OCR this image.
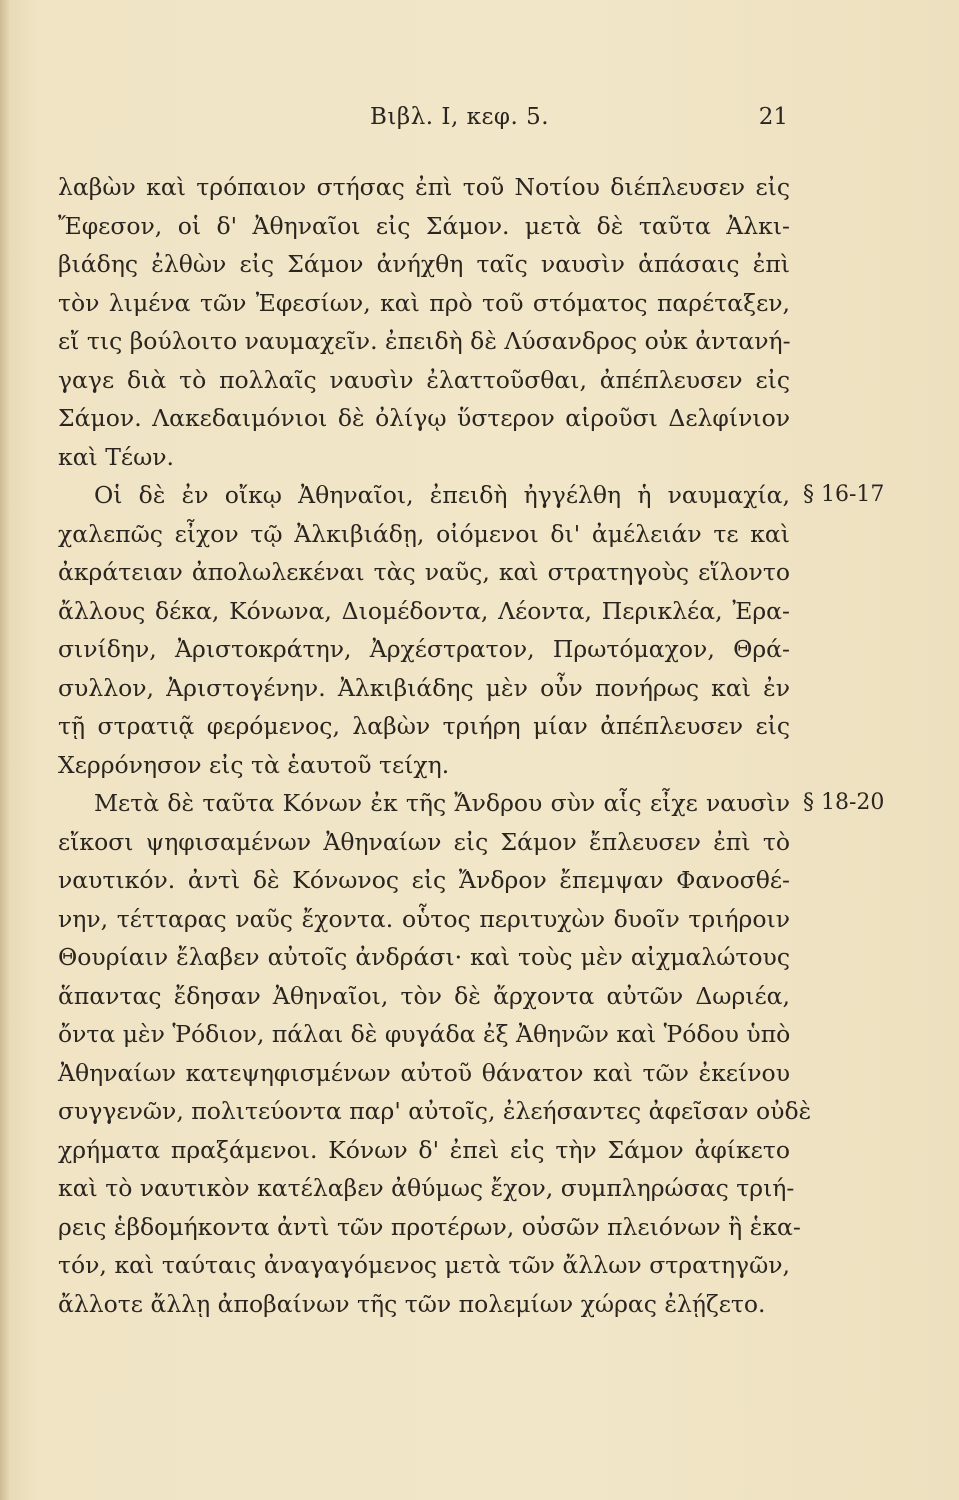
Βιβλ. Ι, κεφ. 5.	21
λαβὼν καὶ τρόπαιον στήσας ἐπὶ τοῦ Νοτίου διέπλευσεν εἰς
Ἔφεσον, οἱ δ' Ἀθηναῖοι εἰς Σάμον. μετὰ δὲ ταῦτα Ἀλκι-
βιάδης ἐλθὼν εἰς Σάμον ἀνήχθη ταῖς ναυσὶν ἁπάσαις ἐπὶ
τὸν λιμένα τῶν Ἐφεσίων, καὶ πρὸ τοῦ στόματος παρέταξεν,
εἴ τις βούλοιτο ναυμαχεῖν. ἐπειδὴ δὲ Λύσανδρος οὐκ ἀντανή-
γαγε διὰ τὸ πολλαῖς ναυσὶν ἐλαττοῦσθαι, ἀπέπλευσεν εἰς
Σάμον. Λακεδαιμόνιοι δὲ ὀλίγῳ ὕστερον αἱροῦσι Δελφίνιον
καὶ Τέων.
Οἱ δὲ ἐν οἴκῳ Ἀθηναῖοι, ἐπειδὴ ἠγγέλθη ἡ ναυμαχία,
χαλεπῶς εἶχον τῷ Ἀλκιβιάδῃ, οἰόμενοι δι' ἀμέλειάν τε καὶ
ἀκράτειαν ἀπολωλεκέναι τὰς ναῦς, καὶ στρατηγοὺς εἵλοντο
ἄλλους δέκα, Κόνωνα, Διομέδοντα, Λέοντα, Περικλέα, Ἐρα-
σινίδην, Ἀριστοκράτην, Ἀρχέστρατον, Πρωτόμαχον, Θρά-
συλλον, Ἀριστογένην. Ἀλκιβιάδης μὲν οὖν πονήρως καὶ ἐν
τῇ στρατιᾷ φερόμενος, λαβὼν τριήρη μίαν ἀπέπλευσεν εἰς
Χερρόνησον εἰς τὰ ἑαυτοῦ τείχη.
Μετὰ δὲ ταῦτα Κόνων ἐκ τῆς Ἄνδρου σὺν αἷς εἶχε ναυσὶν
εἴκοσι ψηφισαμένων Ἀθηναίων εἰς Σάμον ἔπλευσεν ἐπὶ τὸ
ναυτικόν. ἀντὶ δὲ Κόνωνος εἰς Ἄνδρον ἔπεμψαν Φανοσθέ-
νην, τέτταρας ναῦς ἔχοντα. οὗτος περιτυχὼν δυοῖν τριήροιν
Θουρίαιν ἔλαβεν αὐτοῖς ἀνδράσι· καὶ τοὺς μὲν αἰχμαλώτους
ἅπαντας ἔδησαν Ἀθηναῖοι, τὸν δὲ ἄρχοντα αὐτῶν Δωριέα,
ὄντα μὲν Ῥόδιον, πάλαι δὲ φυγάδα ἐξ Ἀθηνῶν καὶ Ῥόδου ὑπὸ
Ἀθηναίων κατεψηφισμένων αὐτοῦ θάνατον καὶ τῶν ἐκείνου
συγγενῶν, πολιτεύοντα παρ' αὐτοῖς, ἐλεήσαντες ἀφεῖσαν οὐδὲ
χρήματα πραξάμενοι. Κόνων δ' ἐπεὶ εἰς τὴν Σάμον ἀφίκετο
καὶ τὸ ναυτικὸν κατέλαβεν ἀθύμως ἔχον, συμπληρώσας τριή-
ρεις ἑβδομήκοντα ἀντὶ τῶν προτέρων, οὐσῶν πλειόνων ἢ ἑκα-
τόν, καὶ ταύταις ἀναγαγόμενος μετὰ τῶν ἄλλων στρατηγῶν,
ἄλλοτε ἄλλῃ ἀποβαίνων τῆς τῶν πολεμίων χώρας ἐλῄζετο.
§ 16-17
§ 18-20
